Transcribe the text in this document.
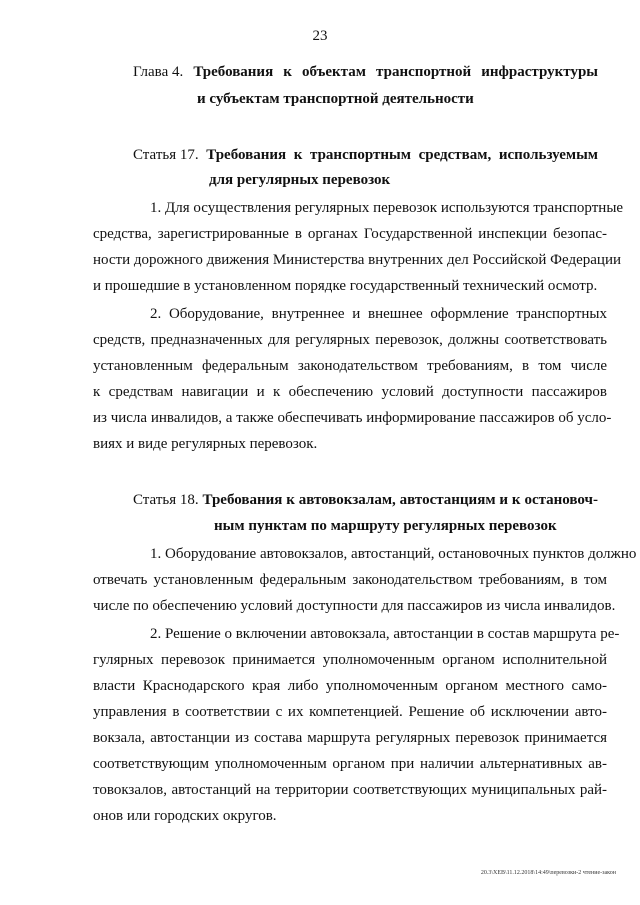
23
Глава 4. Требования к объектам транспортной инфраструктуры
и субъектам транспортной деятельности
Статья 17. Требования к транспортным средствам, используемым
для регулярных перевозок
1. Для осуществления регулярных перевозок используются транспортные
средства, зарегистрированные в органах Государственной инспекции безопас-
ности дорожного движения Министерства внутренних дел Российской Федерации
и прошедшие в установленном порядке государственный технический осмотр.
2. Оборудование, внутреннее и внешнее оформление транспортных
средств, предназначенных для регулярных перевозок, должны соответствовать
установленным федеральным законодательством требованиям, в том числе
к средствам навигации и к обеспечению условий доступности пассажиров
из числа инвалидов, а также обеспечивать информирование пассажиров об усло-
виях и виде регулярных перевозок.
Статья 18. Требования к автовокзалам, автостанциям и к остановоч-
ным пунктам по маршруту регулярных перевозок
1. Оборудование автовокзалов, автостанций, остановочных пунктов должно
отвечать установленным федеральным законодательством требованиям, в том
числе по обеспечению условий доступности для пассажиров из числа инвалидов.
2. Решение о включении автовокзала, автостанции в состав маршрута ре-
гулярных перевозок принимается уполномоченным органом исполнительной
власти Краснодарского края либо уполномоченным органом местного само-
управления в соответствии с их компетенцией. Решение об исключении авто-
вокзала, автостанции из состава маршрута регулярных перевозок принимается
соответствующим уполномоченным органом при наличии альтернативных ав-
товокзалов, автостанций на территории соответствующих муниципальных рай-
онов или городских округов.
20.3\XEB\11.12.2018\14:49\перевозки-2 чтение-закон
